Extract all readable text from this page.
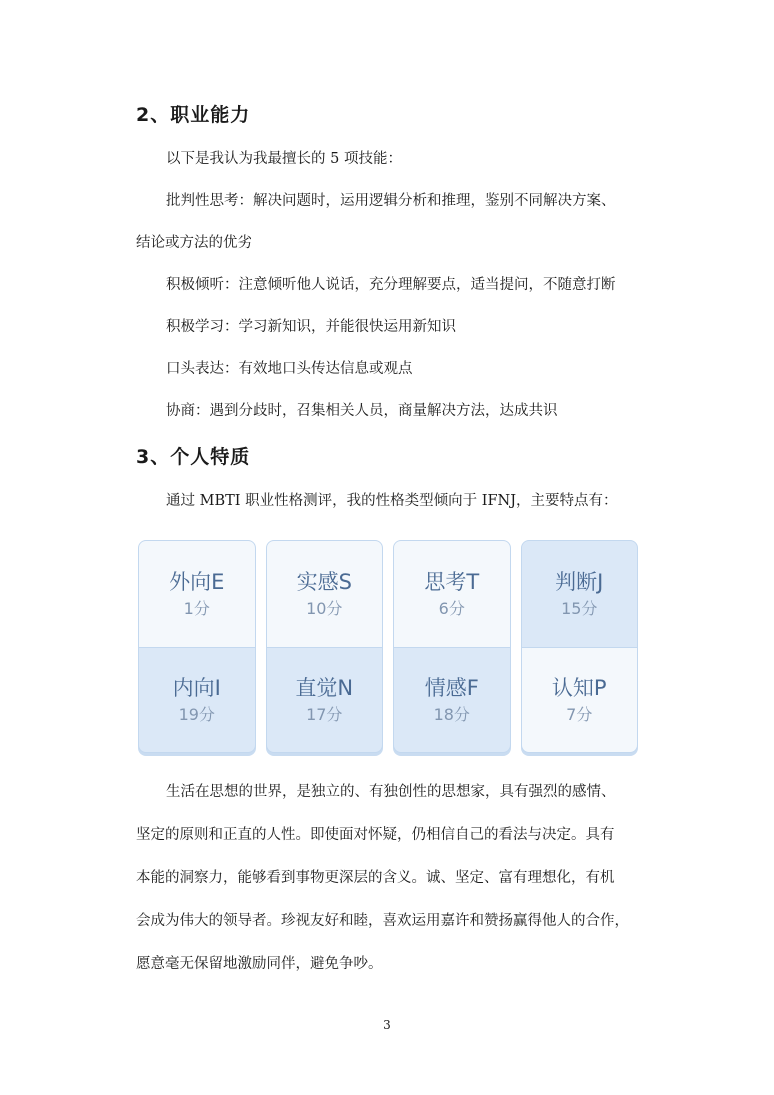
2、职业能力

以下是我认为我最擅长的 5 项技能：

批判性思考：解决问题时，运用逻辑分析和推理，鉴别不同解决方案、

结论或方法的优劣

积极倾听：注意倾听他人说话，充分理解要点，适当提问，不随意打断

积极学习：学习新知识，并能很快运用新知识

口头表达：有效地口头传达信息或观点

协商：遇到分歧时，召集相关人员，商量解决方法，达成共识

3、个人特质

通过 MBTI 职业性格测评，我的性格类型倾向于 IFNJ，主要特点有：

外向E
1分
内向I
19分
实感S
10分
直觉N
17分
思考T
6分
情感F
18分
判断J
15分
认知P
7分

生活在思想的世界，是独立的、有独创性的思想家，具有强烈的感情、

坚定的原则和正直的人性。即使面对怀疑，仍相信自己的看法与决定。具有

本能的洞察力，能够看到事物更深层的含义。诚、坚定、富有理想化，有机

会成为伟大的领导者。珍视友好和睦，喜欢运用嘉许和赞扬赢得他人的合作，

愿意毫无保留地激励同伴，避免争吵。

3
